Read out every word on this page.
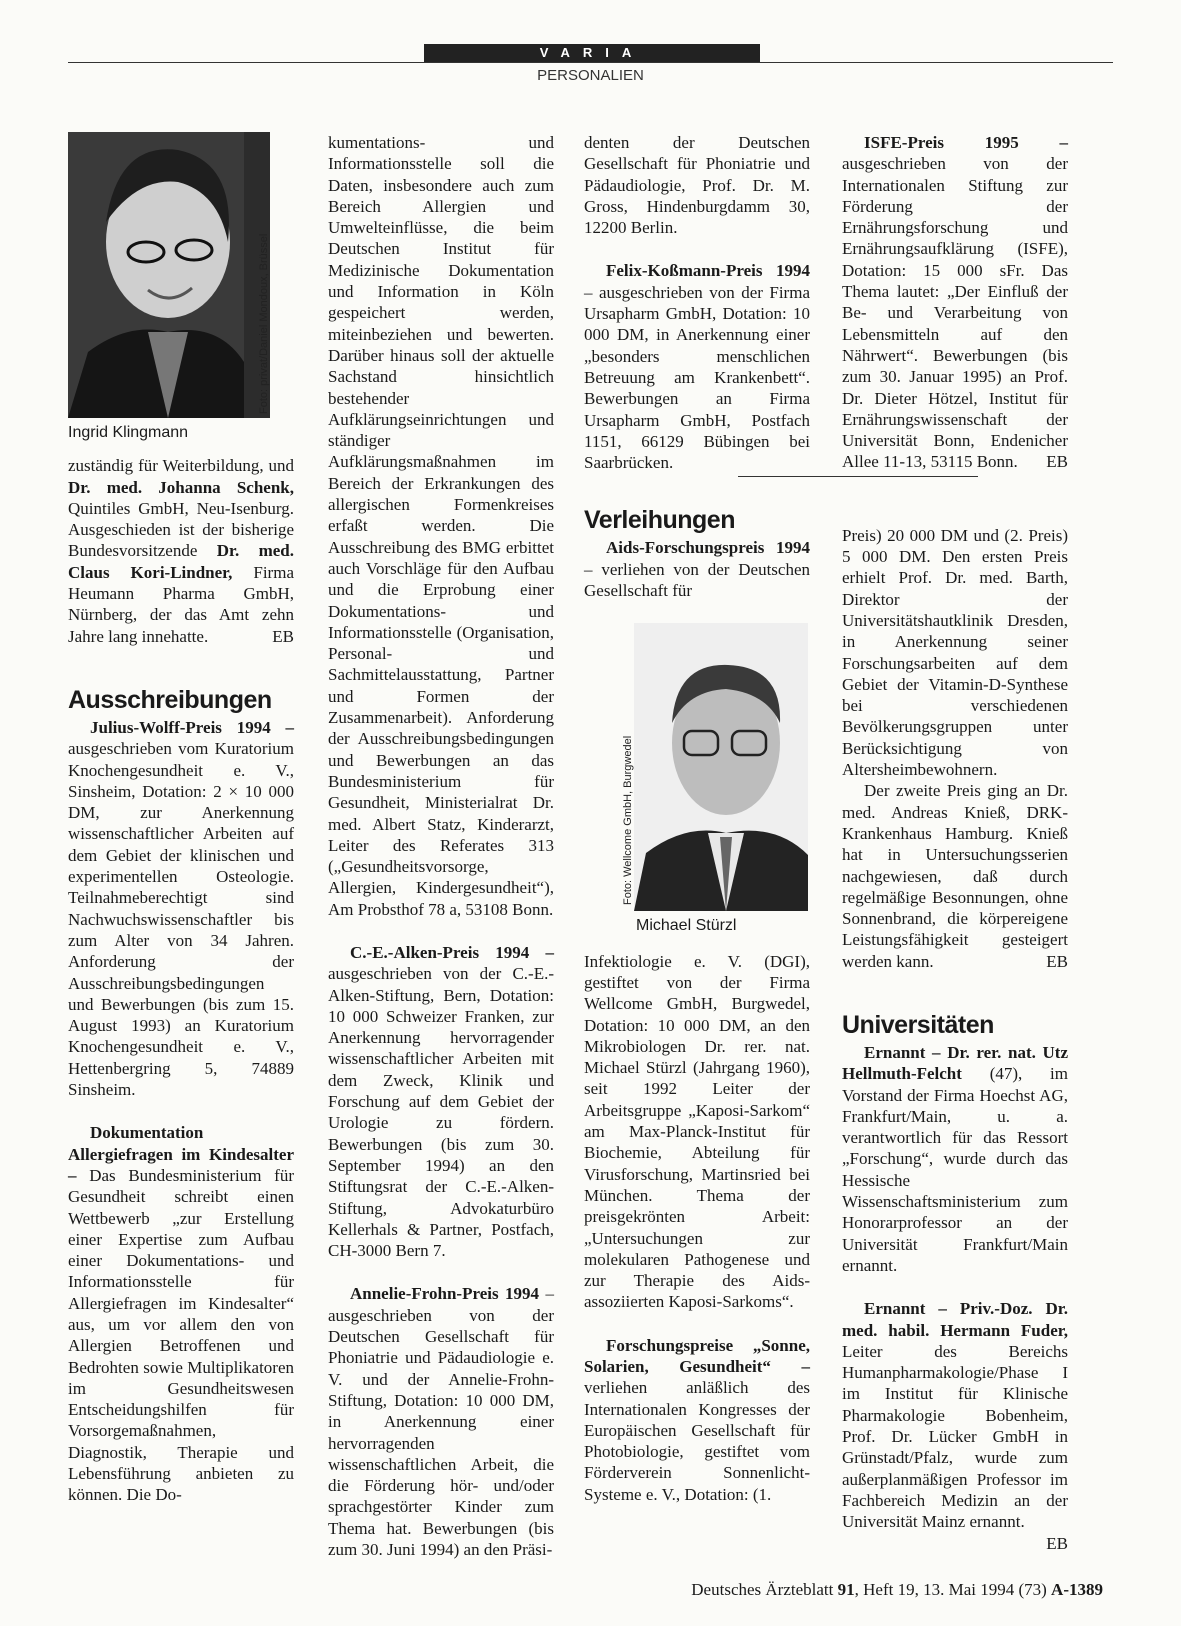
VARIA
PERSONALIEN
Foto: privat/Daniel Mondoux, Brüssel
Ingrid Klingmann

zuständig für Weiterbildung, und Dr. med. Johanna Schenk, Quintiles GmbH, Neu-Isenburg. Ausgeschieden ist der bisherige Bundesvorsitzende Dr. med. Claus Kori-Lindner, Firma Heumann Pharma GmbH, Nürnberg, der das Amt zehn Jahre lang innehatte.	EB

Ausschreibungen

Julius-Wolff-Preis 1994 – ausgeschrieben vom Kuratorium Knochengesundheit e. V., Sinsheim, Dotation: 2 × 10 000 DM, zur Anerkennung wissenschaftlicher Arbeiten auf dem Gebiet der klinischen und experimentellen Osteologie. Teilnahmeberechtigt sind Nachwuchswissenschaftler bis zum Alter von 34 Jahren. Anforderung der Ausschreibungsbedingungen und Bewerbungen (bis zum 15. August 1993) an Kuratorium Knochengesundheit e. V., Hettenbergring 5, 74889 Sinsheim.

Dokumentation Allergiefragen im Kindesalter – Das Bundesministerium für Gesundheit schreibt einen Wettbewerb „zur Erstellung einer Expertise zum Aufbau einer Dokumentations- und Informationsstelle für Allergiefragen im Kindesalter“ aus, um vor allem den von Allergien Betroffenen und Bedrohten sowie Multiplikatoren im Gesundheitswesen Entscheidungshilfen für Vorsorgemaßnahmen, Diagnostik, Therapie und Lebensführung anbieten zu können. Die Do-

kumentations- und Informationsstelle soll die Daten, insbesondere auch zum Bereich Allergien und Umwelteinflüsse, die beim Deutschen Institut für Medizinische Dokumentation und Information in Köln gespeichert werden, miteinbeziehen und bewerten. Darüber hinaus soll der aktuelle Sachstand hinsichtlich bestehender Aufklärungseinrichtungen und ständiger Aufklärungsmaßnahmen im Bereich der Erkrankungen des allergischen Formenkreises erfaßt werden. Die Ausschreibung des BMG erbittet auch Vorschläge für den Aufbau und die Erprobung einer Dokumentations- und Informationsstelle (Organisation, Personal- und Sachmittelausstattung, Partner und Formen der Zusammenarbeit). Anforderung der Ausschreibungsbedingungen und Bewerbungen an das Bundesministerium für Gesundheit, Ministerialrat Dr. med. Albert Statz, Kinderarzt, Leiter des Referates 313 („Gesundheitsvorsorge, Allergien, Kindergesundheit“), Am Probsthof 78 a, 53108 Bonn.

C.-E.-Alken-Preis 1994 – ausgeschrieben von der C.-E.-Alken-Stiftung, Bern, Dotation: 10 000 Schweizer Franken, zur Anerkennung hervorragender wissenschaftlicher Arbeiten mit dem Zweck, Klinik und Forschung auf dem Gebiet der Urologie zu fördern. Bewerbungen (bis zum 30. September 1994) an den Stiftungsrat der C.-E.-Alken-Stiftung, Advokaturbüro Kellerhals & Partner, Postfach, CH-3000 Bern 7.

Annelie-Frohn-Preis 1994 – ausgeschrieben von der Deutschen Gesellschaft für Phoniatrie und Pädaudiologie e. V. und der Annelie-Frohn-Stiftung, Dotation: 10 000 DM, in Anerkennung einer hervorragenden wissenschaftlichen Arbeit, die die Förderung hör- und/oder sprachgestörter Kinder zum Thema hat. Bewerbungen (bis zum 30. Juni 1994) an den Präsi-

denten der Deutschen Gesellschaft für Phoniatrie und Pädaudiologie, Prof. Dr. M. Gross, Hindenburgdamm 30, 12200 Berlin.

Felix-Koßmann-Preis 1994 – ausgeschrieben von der Firma Ursapharm GmbH, Dotation: 10 000 DM, in Anerkennung einer „besonders menschlichen Betreuung am Krankenbett“. Bewerbungen an Firma Ursapharm GmbH, Postfach 1151, 66129 Bübingen bei Saarbrücken.

Verleihungen

Aids-Forschungspreis 1994 – verliehen von der Deutschen Gesellschaft für

Foto: Wellcome GmbH, Burgwedel
Michael Stürzl

Infektiologie e. V. (DGI), gestiftet von der Firma Wellcome GmbH, Burgwedel, Dotation: 10 000 DM, an den Mikrobiologen Dr. rer. nat. Michael Stürzl (Jahrgang 1960), seit 1992 Leiter der Arbeitsgruppe „Kaposi-Sarkom“ am Max-Planck-Institut für Biochemie, Abteilung für Virusforschung, Martinsried bei München. Thema der preisgekrönten Arbeit: „Untersuchungen zur molekularen Pathogenese und zur Therapie des Aids-assoziierten Kaposi-Sarkoms“.

Forschungspreise „Sonne, Solarien, Gesundheit“ – verliehen anläßlich des Internationalen Kongresses der Europäischen Gesellschaft für Photobiologie, gestiftet vom Förderverein Sonnenlicht-Systeme e. V., Dotation: (1.

ISFE-Preis 1995 – ausgeschrieben von der Internationalen Stiftung zur Förderung der Ernährungsforschung und Ernährungsaufklärung (ISFE), Dotation: 15 000 sFr. Das Thema lautet: „Der Einfluß der Be- und Verarbeitung von Lebensmitteln auf den Nährwert“. Bewerbungen (bis zum 30. Januar 1995) an Prof. Dr. Dieter Hötzel, Institut für Ernährungswissenschaft der Universität Bonn, Endenicher Allee 11-13, 53115 Bonn.	EB

Preis) 20 000 DM und (2. Preis) 5 000 DM. Den ersten Preis erhielt Prof. Dr. med. Barth, Direktor der Universitätshautklinik Dresden, in Anerkennung seiner Forschungsarbeiten auf dem Gebiet der Vitamin-D-Synthese bei verschiedenen Bevölkerungsgruppen unter Berücksichtigung von Altersheimbewohnern.

Der zweite Preis ging an Dr. med. Andreas Knieß, DRK-Krankenhaus Hamburg. Knieß hat in Untersuchungsserien nachgewiesen, daß durch regelmäßige Besonnungen, ohne Sonnenbrand, die körpereigene Leistungsfähigkeit gesteigert werden kann.	EB

Universitäten

Ernannt – Dr. rer. nat. Utz Hellmuth-Felcht (47), im Vorstand der Firma Hoechst AG, Frankfurt/Main, u. a. verantwortlich für das Ressort „Forschung“, wurde durch das Hessische Wissenschaftsministerium zum Honorarprofessor an der Universität Frankfurt/Main ernannt.

Ernannt – Priv.-Doz. Dr. med. habil. Hermann Fuder, Leiter des Bereichs Humanpharmakologie/Phase I im Institut für Klinische Pharmakologie Bobenheim, Prof. Dr. Lücker GmbH in Grünstadt/Pfalz, wurde zum außerplanmäßigen Professor im Fachbereich Medizin an der Universität Mainz ernannt.
EB

Deutsches Ärzteblatt 91, Heft 19, 13. Mai 1994 (73) A-1389
